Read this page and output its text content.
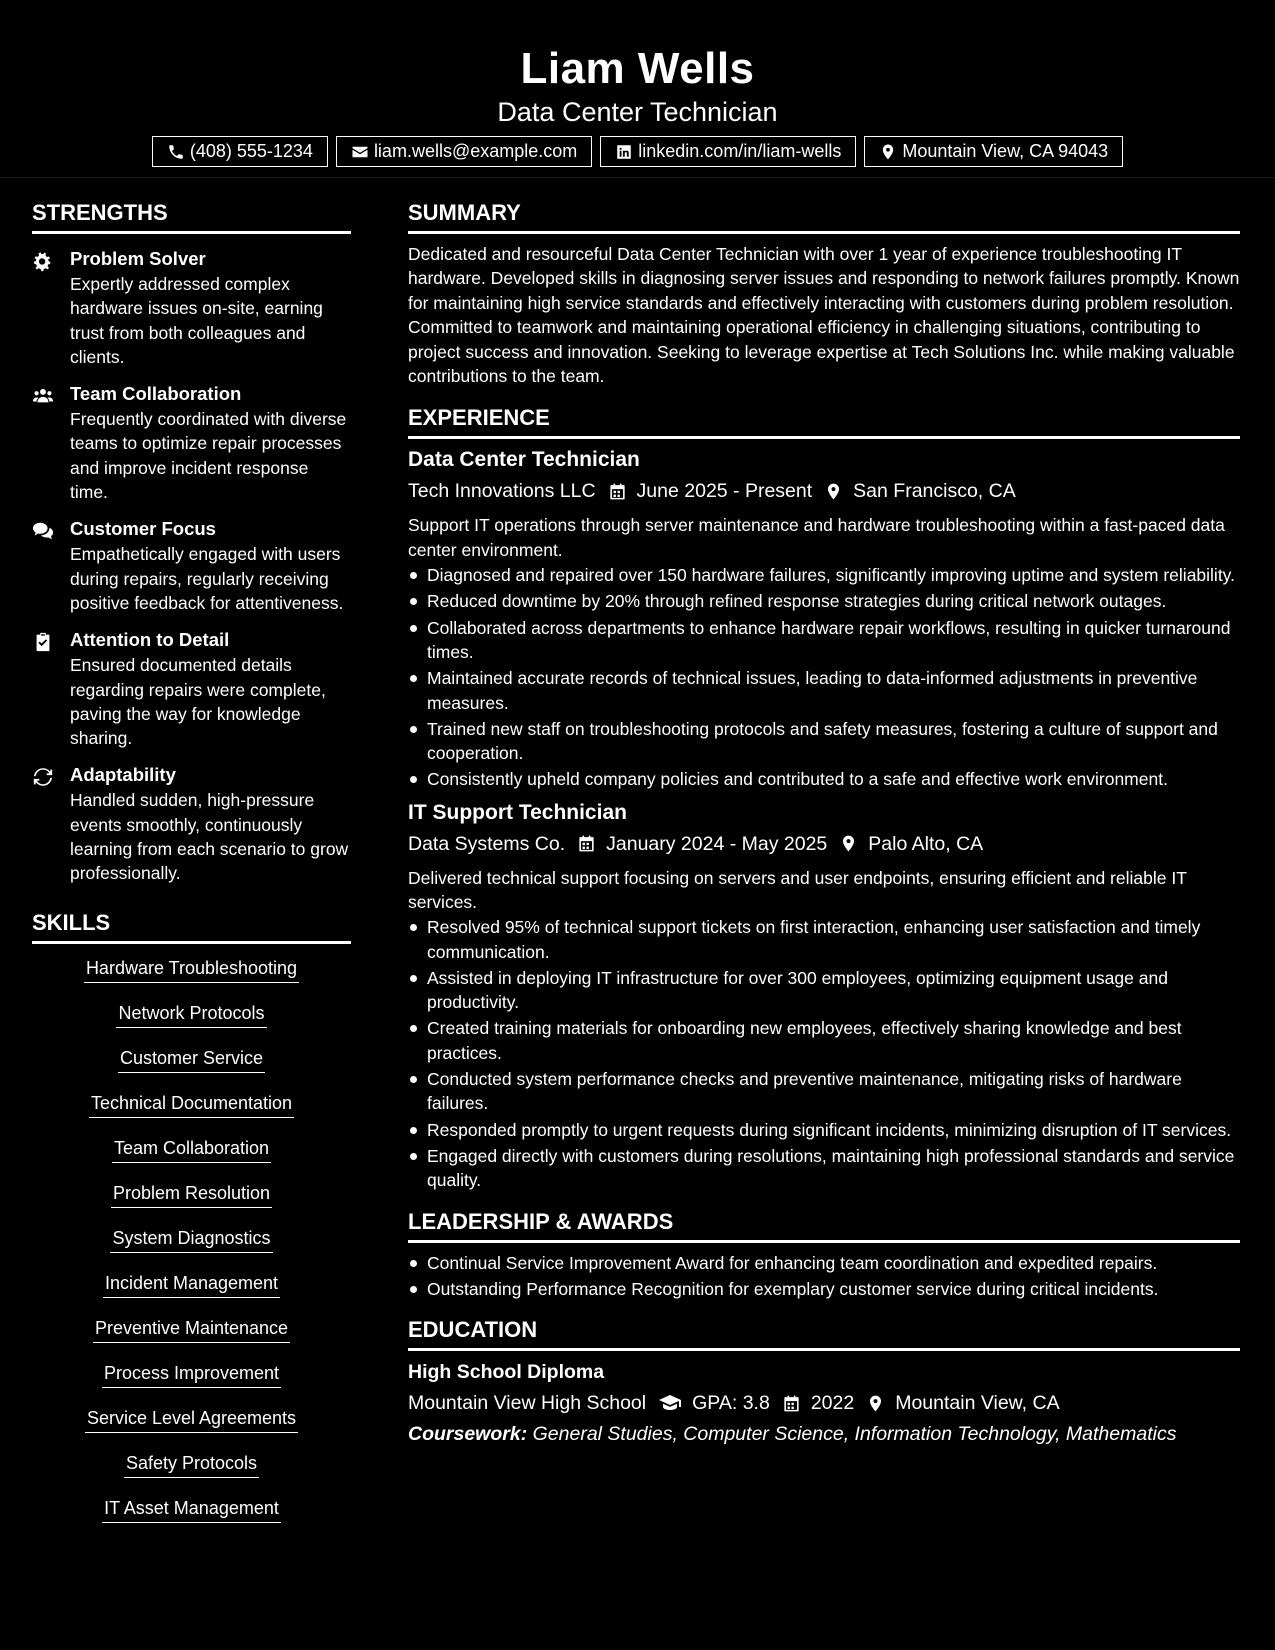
Liam Wells
Data Center Technician
(408) 555-1234	liam.wells@example.com	linkedin.com/in/liam-wells	Mountain View, CA 94043
STRENGTHS
Problem Solver
Expertly addressed complex hardware issues on-site, earning trust from both colleagues and clients.
Team Collaboration
Frequently coordinated with diverse teams to optimize repair processes and improve incident response time.
Customer Focus
Empathetically engaged with users during repairs, regularly receiving positive feedback for attentiveness.
Attention to Detail
Ensured documented details regarding repairs were complete, paving the way for knowledge sharing.
Adaptability
Handled sudden, high-pressure events smoothly, continuously learning from each scenario to grow professionally.
SKILLS
Hardware Troubleshooting
Network Protocols
Customer Service
Technical Documentation
Team Collaboration
Problem Resolution
System Diagnostics
Incident Management
Preventive Maintenance
Process Improvement
Service Level Agreements
Safety Protocols
IT Asset Management
SUMMARY
Dedicated and resourceful Data Center Technician with over 1 year of experience troubleshooting IT hardware. Developed skills in diagnosing server issues and responding to network failures promptly. Known for maintaining high service standards and effectively interacting with customers during problem resolution. Committed to teamwork and maintaining operational efficiency in challenging situations, contributing to project success and innovation. Seeking to leverage expertise at Tech Solutions Inc. while making valuable contributions to the team.
EXPERIENCE
Data Center Technician
Tech Innovations LLC June 2025 - Present San Francisco, CA
Support IT operations through server maintenance and hardware troubleshooting within a fast-paced data center environment.
Diagnosed and repaired over 150 hardware failures, significantly improving uptime and system reliability.
Reduced downtime by 20% through refined response strategies during critical network outages.
Collaborated across departments to enhance hardware repair workflows, resulting in quicker turnaround times.
Maintained accurate records of technical issues, leading to data-informed adjustments in preventive measures.
Trained new staff on troubleshooting protocols and safety measures, fostering a culture of support and cooperation.
Consistently upheld company policies and contributed to a safe and effective work environment.
IT Support Technician
Data Systems Co. January 2024 - May 2025 Palo Alto, CA
Delivered technical support focusing on servers and user endpoints, ensuring efficient and reliable IT services.
Resolved 95% of technical support tickets on first interaction, enhancing user satisfaction and timely communication.
Assisted in deploying IT infrastructure for over 300 employees, optimizing equipment usage and productivity.
Created training materials for onboarding new employees, effectively sharing knowledge and best practices.
Conducted system performance checks and preventive maintenance, mitigating risks of hardware failures.
Responded promptly to urgent requests during significant incidents, minimizing disruption of IT services.
Engaged directly with customers during resolutions, maintaining high professional standards and service quality.
LEADERSHIP & AWARDS
Continual Service Improvement Award for enhancing team coordination and expedited repairs.
Outstanding Performance Recognition for exemplary customer service during critical incidents.
EDUCATION
High School Diploma
Mountain View High School GPA: 3.8 2022 Mountain View, CA
Coursework: General Studies, Computer Science, Information Technology, Mathematics
